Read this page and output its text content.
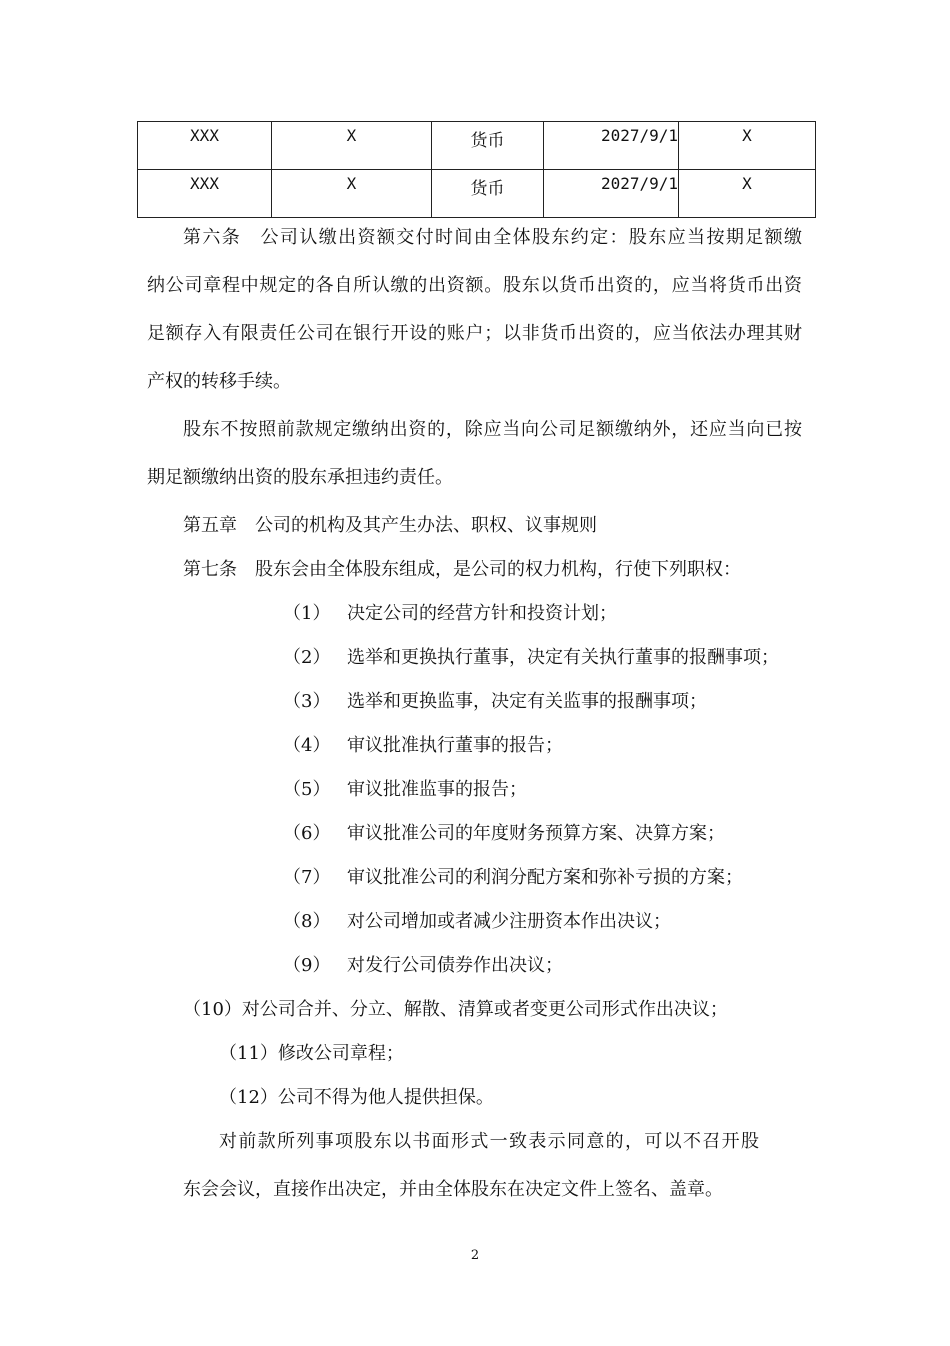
XXX	X	货币	2027/9/1	X
XXX	X	货币	2027/9/1	X
第六条　公司认缴出资额交付时间由全体股东约定：股东应当按期足额缴
纳公司章程中规定的各自所认缴的出资额。股东以货币出资的，应当将货币出资
足额存入有限责任公司在银行开设的账户；以非货币出资的，应当依法办理其财
产权的转移手续。
股东不按照前款规定缴纳出资的，除应当向公司足额缴纳外，还应当向已按
期足额缴纳出资的股东承担违约责任。
第五章　公司的机构及其产生办法、职权、议事规则
第七条　股东会由全体股东组成，是公司的权力机构，行使下列职权：
（1） 决定公司的经营方针和投资计划；
（2） 选举和更换执行董事，决定有关执行董事的报酬事项；
（3） 选举和更换监事，决定有关监事的报酬事项；
（4） 审议批准执行董事的报告；
（5） 审议批准监事的报告；
（6） 审议批准公司的年度财务预算方案、决算方案；
（7） 审议批准公司的利润分配方案和弥补亏损的方案；
（8） 对公司增加或者减少注册资本作出决议；
（9） 对发行公司债券作出决议；
（10）对公司合并、分立、解散、清算或者变更公司形式作出决议；
（11）修改公司章程；
（12）公司不得为他人提供担保。
对前款所列事项股东以书面形式一致表示同意的，可以不召开股
东会会议，直接作出决定，并由全体股东在决定文件上签名、盖章。
2
